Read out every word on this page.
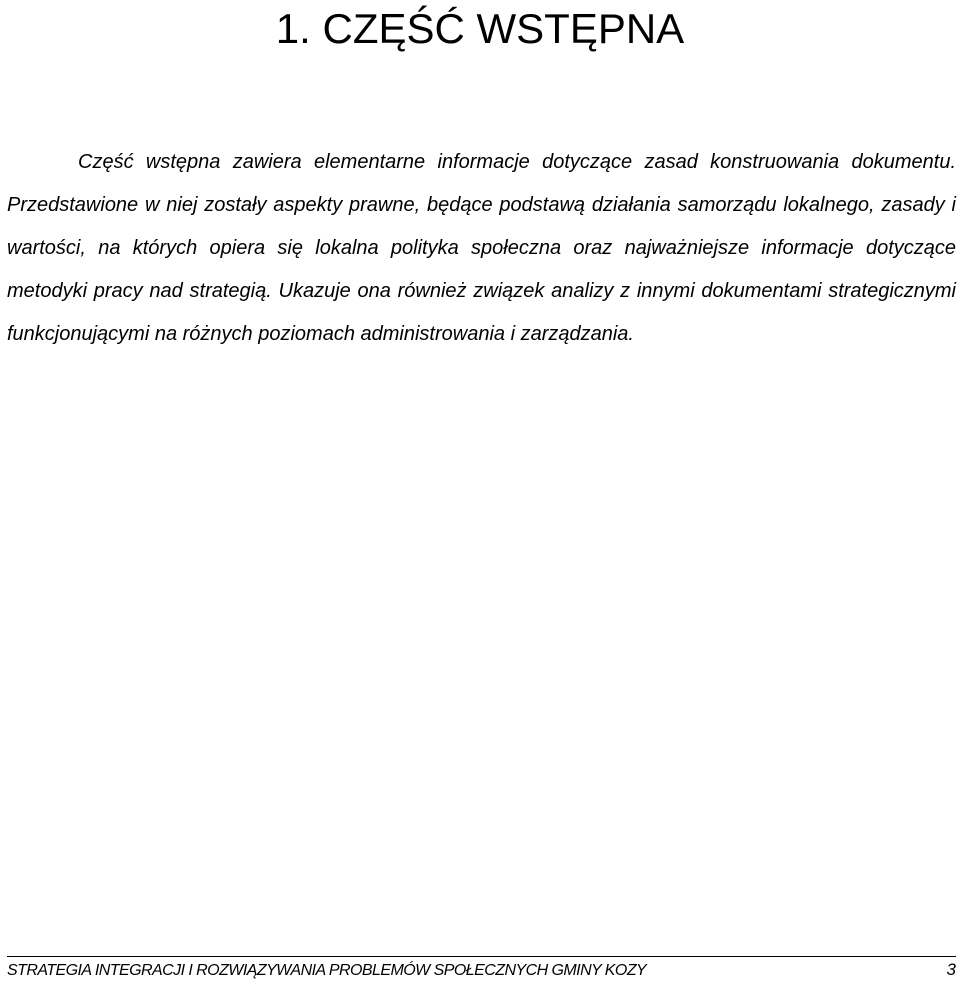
1. CZĘŚĆ WSTĘPNA

Część wstępna zawiera elementarne informacje dotyczące zasad konstruowania dokumentu. Przedstawione w niej zostały aspekty prawne, będące podstawą działania samorządu lokalnego, zasady i wartości, na których opiera się lokalna polityka społeczna oraz najważniejsze informacje dotyczące metodyki pracy nad strategią. Ukazuje ona również związek analizy z innymi dokumentami strategicznymi funkcjonującymi na różnych poziomach administrowania i zarządzania.

STRATEGIA INTEGRACJI I ROZWIĄZYWANIA PROBLEMÓW SPOŁECZNYCH GMINY KOZY	3
